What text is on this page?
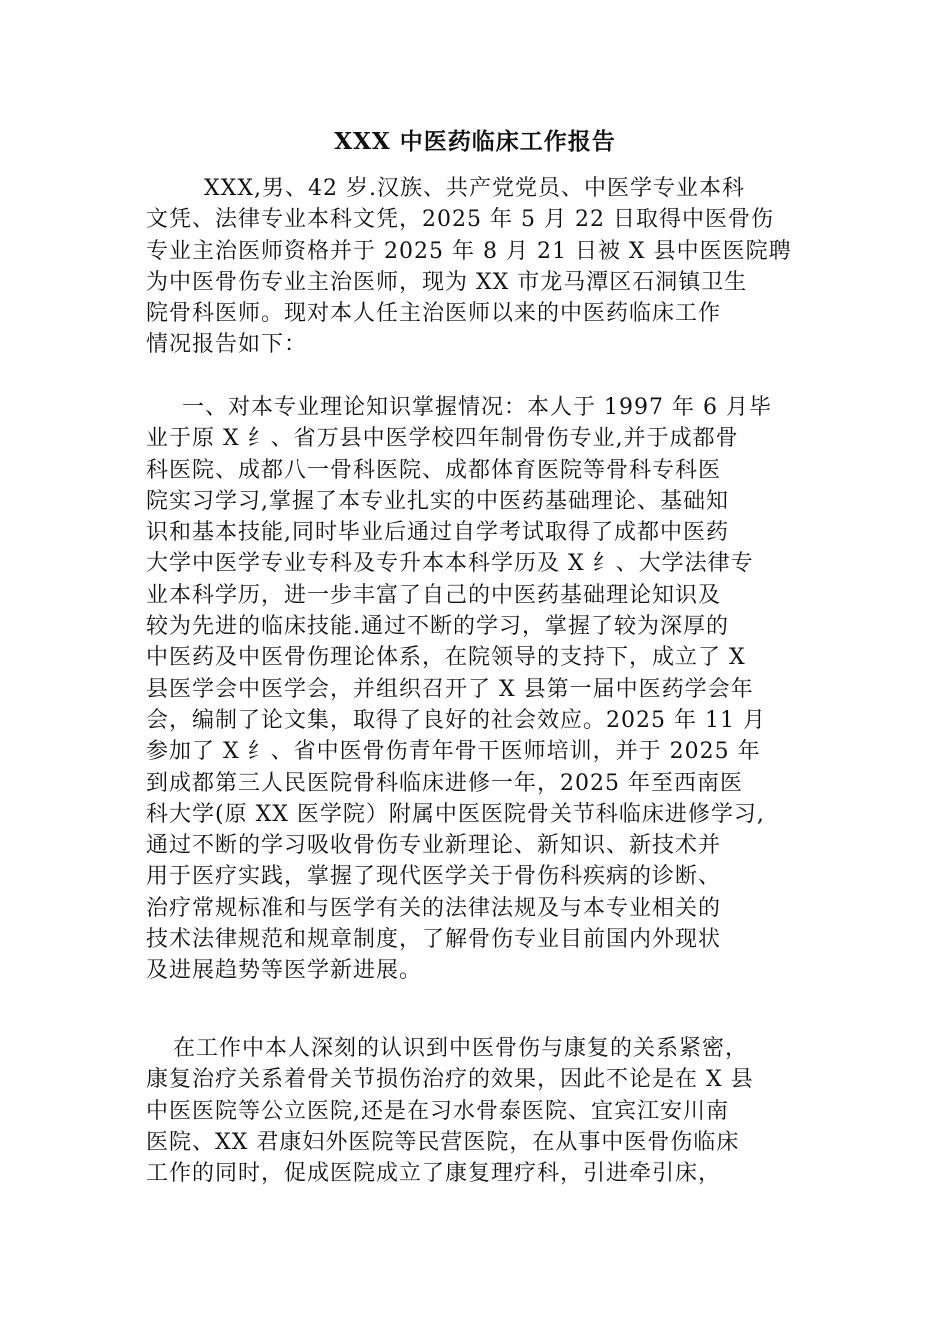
XXX 中医药临床工作报告

XXX,男、42 岁.汉族、共产党党员、中医学专业本科
文凭、法律专业本科文凭，2025 年 5 月 22 日取得中医骨伤
专业主治医师资格并于 2025 年 8 月 21 日被 X 县中医医院聘
为中医骨伤专业主治医师，现为 XX 市龙马潭区石洞镇卫生
院骨科医师。现对本人任主治医师以来的中医药临床工作
情况报告如下：

一、对本专业理论知识掌握情况：本人于 1997 年 6 月毕
业于原 X 纟、省万县中医学校四年制骨伤专业,并于成都骨
科医院、成都八一骨科医院、成都体育医院等骨科专科医
院实习学习,掌握了本专业扎实的中医药基础理论、基础知
识和基本技能,同时毕业后通过自学考试取得了成都中医药
大学中医学专业专科及专升本本科学历及 X 纟、大学法律专
业本科学历，进一步丰富了自己的中医药基础理论知识及
较为先进的临床技能.通过不断的学习，掌握了较为深厚的
中医药及中医骨伤理论体系，在院领导的支持下，成立了 X
县医学会中医学会，并组织召开了 X 县第一届中医药学会年
会，编制了论文集，取得了良好的社会效应。2025 年 11 月
参加了 X 纟、省中医骨伤青年骨干医师培训，并于 2025 年
到成都第三人民医院骨科临床进修一年，2025 年至西南医
科大学(原 XX 医学院）附属中医医院骨关节科临床进修学习,
通过不断的学习吸收骨伤专业新理论、新知识、新技术并
用于医疗实践，掌握了现代医学关于骨伤科疾病的诊断、
治疗常规标准和与医学有关的法律法规及与本专业相关的
技术法律规范和规章制度，了解骨伤专业目前国内外现状
及进展趋势等医学新进展。

在工作中本人深刻的认识到中医骨伤与康复的关系紧密，
康复治疗关系着骨关节损伤治疗的效果，因此不论是在 X 县
中医医院等公立医院,还是在习水骨泰医院、宜宾江安川南
医院、XX 君康妇外医院等民营医院，在从事中医骨伤临床
工作的同时，促成医院成立了康复理疗科，引进牵引床，
